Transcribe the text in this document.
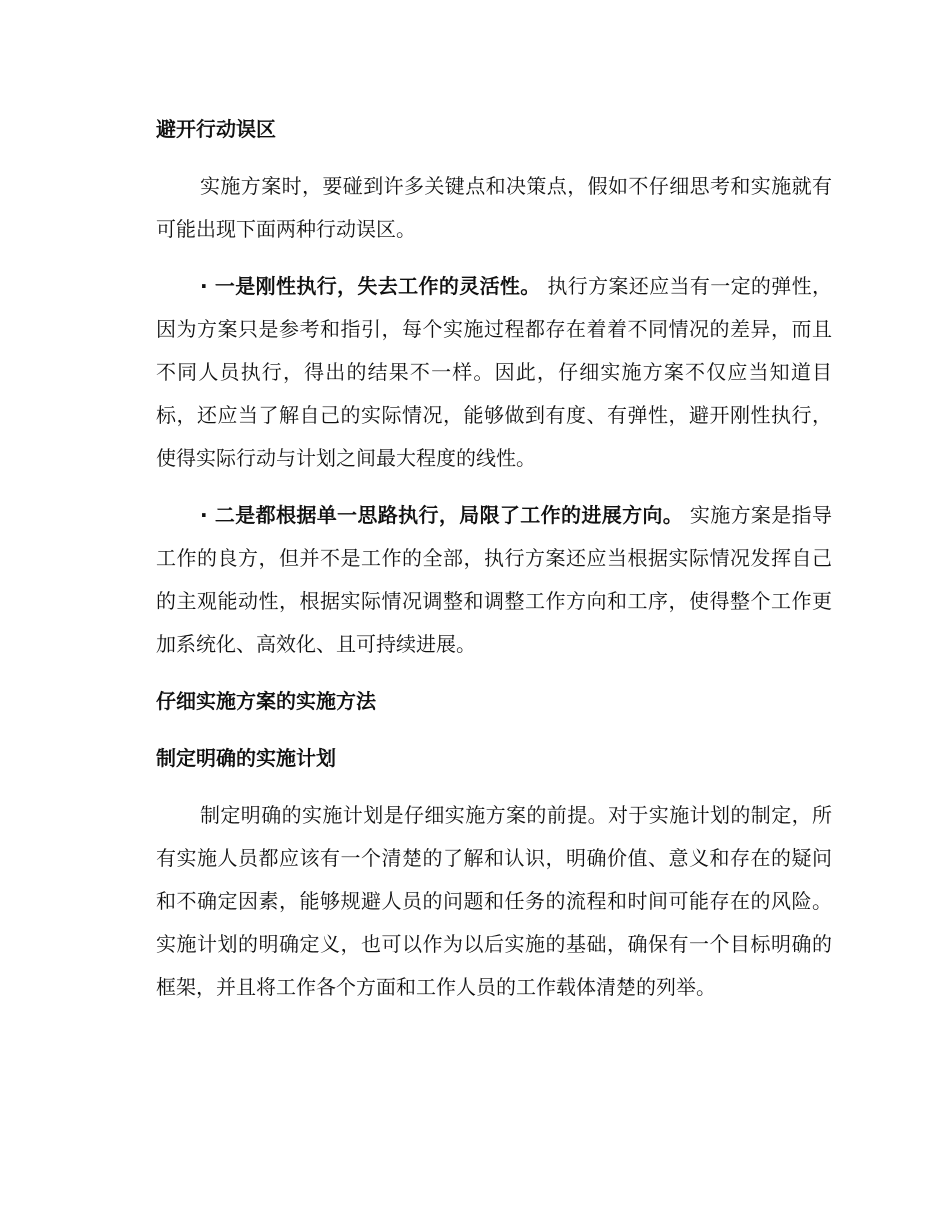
避开行动误区

实施方案时，要碰到许多关键点和决策点，假如不仔细思考和实施就有
可能出现下面两种行动误区。
· 一是刚性执行，失去工作的灵活性。 执行方案还应当有一定的弹性，
因为方案只是参考和指引，每个实施过程都存在着着不同情况的差异，而且
不同人员执行，得出的结果不一样。因此，仔细实施方案不仅应当知道目
标，还应当了解自己的实际情况，能够做到有度、有弹性，避开刚性执行，
使得实际行动与计划之间最大程度的线性。
· 二是都根据单一思路执行，局限了工作的进展方向。 实施方案是指导
工作的良方，但并不是工作的全部，执行方案还应当根据实际情况发挥自己
的主观能动性，根据实际情况调整和调整工作方向和工序，使得整个工作更
加系统化、高效化、且可持续进展。

仔细实施方案的实施方法

制定明确的实施计划

制定明确的实施计划是仔细实施方案的前提。对于实施计划的制定，所
有实施人员都应该有一个清楚的了解和认识，明确价值、意义和存在的疑问
和不确定因素，能够规避人员的问题和任务的流程和时间可能存在的风险。
实施计划的明确定义，也可以作为以后实施的基础，确保有一个目标明确的
框架，并且将工作各个方面和工作人员的工作载体清楚的列举。
